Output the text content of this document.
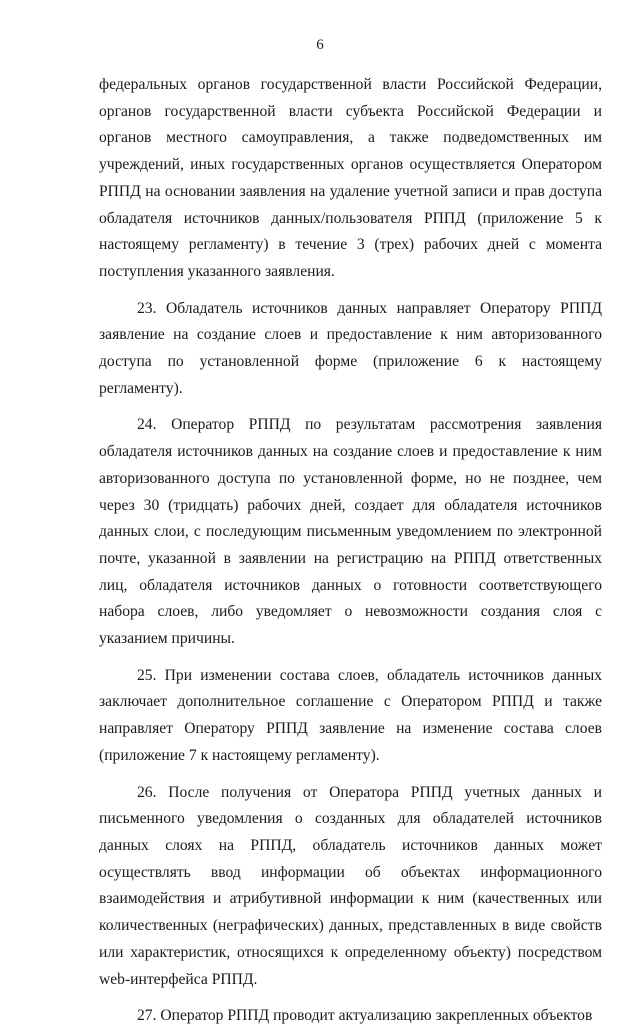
6

федеральных органов государственной власти Российской Федерации, органов государственной власти субъекта Российской Федерации и органов местного самоуправления, а также подведомственных им учреждений, иных государственных органов осуществляется Оператором РППД на основании заявления на удаление учетной записи и прав доступа обладателя источников данных/пользователя РППД (приложение 5 к настоящему регламенту) в течение 3 (трех) рабочих дней с момента поступления указанного заявления.

23. Обладатель источников данных направляет Оператору РППД заявление на создание слоев и предоставление к ним авторизованного доступа по установленной форме (приложение 6 к настоящему регламенту).

24. Оператор РППД по результатам рассмотрения заявления обладателя источников данных на создание слоев и предоставление к ним авторизованного доступа по установленной форме, но не позднее, чем через 30 (тридцать) рабочих дней, создает для обладателя источников данных слои, с последующим письменным уведомлением по электронной почте, указанной в заявлении на регистрацию на РППД ответственных лиц, обладателя источников данных о готовности соответствующего набора слоев, либо уведомляет о невозможности создания слоя с указанием причины.

25. При изменении состава слоев, обладатель источников данных заключает дополнительное соглашение с Оператором РППД и также направляет Оператору РППД заявление на изменение состава слоев (приложение 7 к настоящему регламенту).

26. После получения от Оператора РППД учетных данных и письменного уведомления о созданных для обладателей источников данных слоях на РППД, обладатель источников данных может осуществлять ввод информации об объектах информационного взаимодействия и атрибутивной информации к ним (качественных или количественных (неграфических) данных, представленных в виде свойств или характеристик, относящихся к определенному объекту) посредством web-интерфейса РППД.

27. Оператор РППД проводит актуализацию закрепленных объектов
